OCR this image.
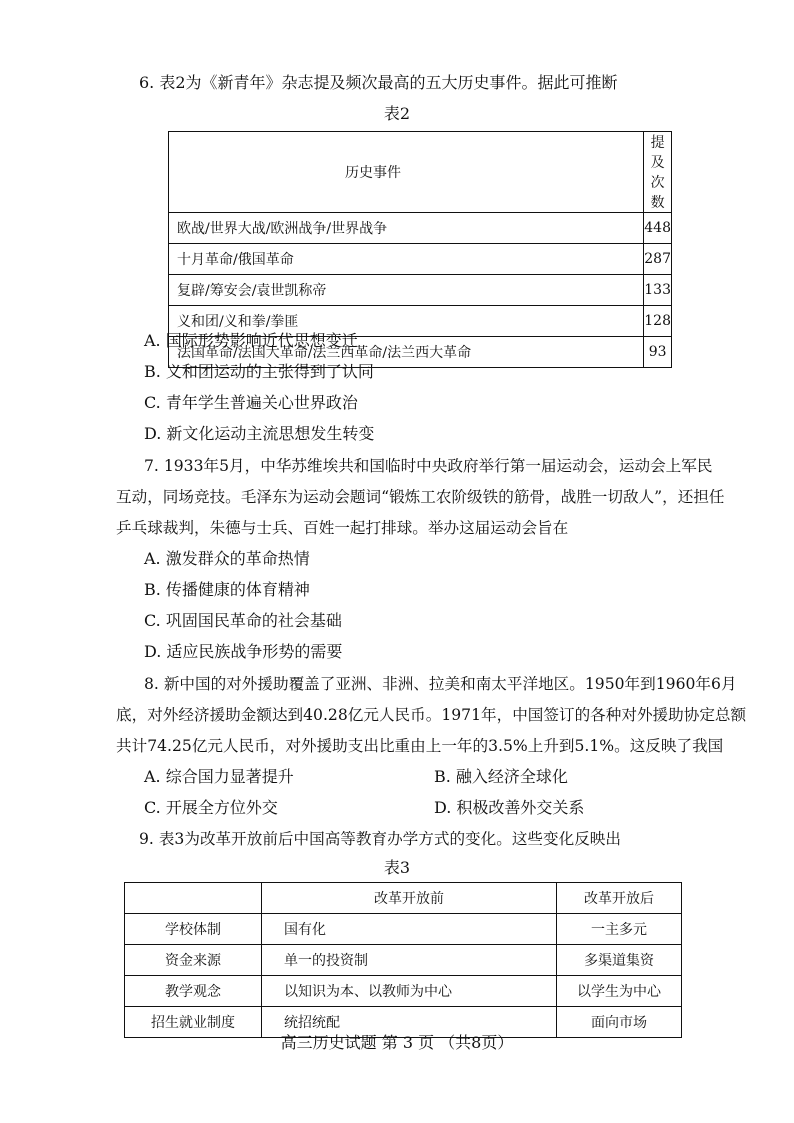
6. 表2为《新青年》杂志提及频次最高的五大历史事件。据此可推断
表2
历史事件	提及次数
欧战/世界大战/欧洲战争/世界战争	448
十月革命/俄国革命	287
复辟/筹安会/袁世凯称帝	133
义和团/义和拳/拳匪	128
法国革命/法国大革命/法兰西革命/法兰西大革命	93
A. 国际形势影响近代思想变迁
B. 义和团运动的主张得到了认同
C. 青年学生普遍关心世界政治
D. 新文化运动主流思想发生转变
7. 1933年5月，中华苏维埃共和国临时中央政府举行第一届运动会，运动会上军民
互动，同场竞技。毛泽东为运动会题词“锻炼工农阶级铁的筋骨，战胜一切敌人”，还担任
乒乓球裁判，朱德与士兵、百姓一起打排球。举办这届运动会旨在
A. 激发群众的革命热情
B. 传播健康的体育精神
C. 巩固国民革命的社会基础
D. 适应民族战争形势的需要
8. 新中国的对外援助覆盖了亚洲、非洲、拉美和南太平洋地区。1950年到1960年6月
底，对外经济援助金额达到40.28亿元人民币。1971年，中国签订的各种对外援助协定总额
共计74.25亿元人民币，对外援助支出比重由上一年的3.5%上升到5.1%。这反映了我国
A. 综合国力显著提升	B. 融入经济全球化
C. 开展全方位外交	D. 积极改善外交关系
9. 表3为改革开放前后中国高等教育办学方式的变化。这些变化反映出
表3
	改革开放前	改革开放后
学校体制	国有化	一主多元
资金来源	单一的投资制	多渠道集资
教学观念	以知识为本、以教师为中心	以学生为中心
招生就业制度	统招统配	面向市场
高三历史试题 第 3 页 （共8页）
